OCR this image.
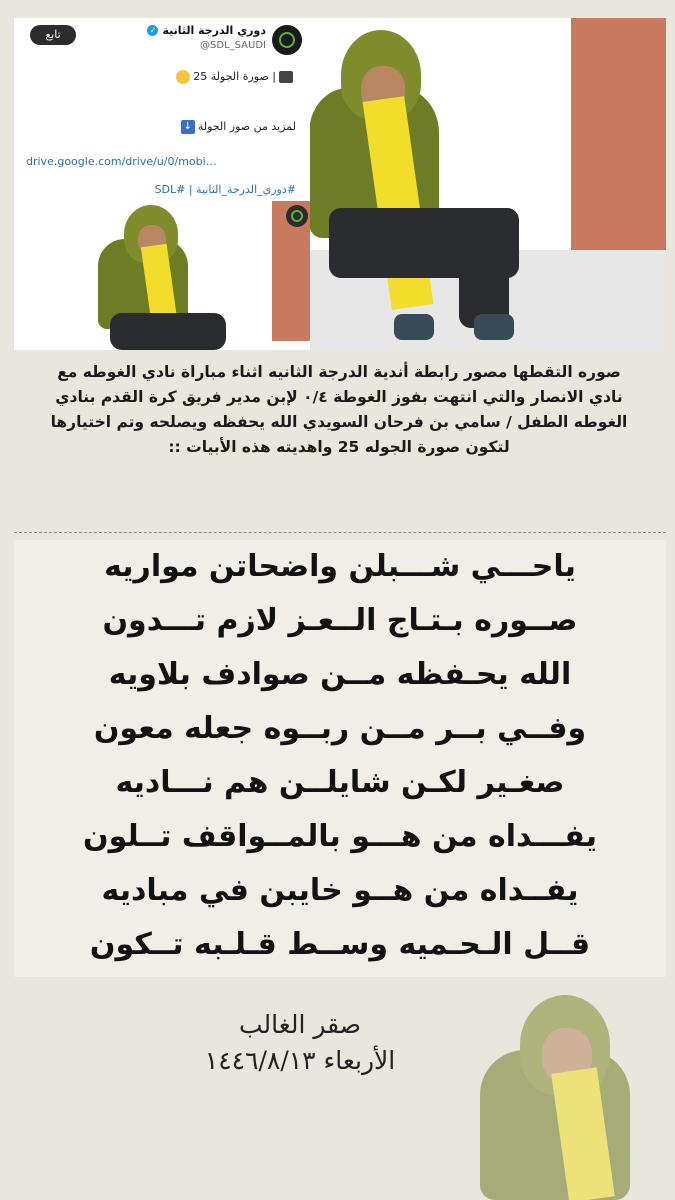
دوري الدرجة الثانية
✓
@SDL_SAUDI
تابع
| صورة الجولة 25
لمزيد من صور الجولة↓
drive.google.com/drive/u/0/mobi…
#دوري_الدرجة_الثانية | #SDL
صوره التقطها مصور رابطة أندية الدرجة الثانيه اثناء مباراة نادي الغوطه مع
نادي الانصار والتي انتهت بفوز الغوطة ٠/٤ لإبن مدير فريق كرة القدم بنادي
الغوطه الطفل / سامي بن فرحان السويدي الله يحفظه ويصلحه وتم اختيارها
لتكون صورة الجوله 25 واهديته هذه الأبيات ::
ياحـــي شـــبلن واضحاتن مواريه
صــوره بـتـاج الــعـز لازم تـــدون
الله يحـفظه مــن صوادف بلاويه
وفــي بــر مــن ربــوه جعله معون
صغـير لكـن شايلــن هم نـــاديه
يفـــداه من هـــو بالمــواقف تــلون
يفــداه من هــو خايبن في مباديه
قــل الـحـميه وســط قـلـبه تــكون
صقر الغالب
الأربعاء ١٤٤٦/٨/١٣
